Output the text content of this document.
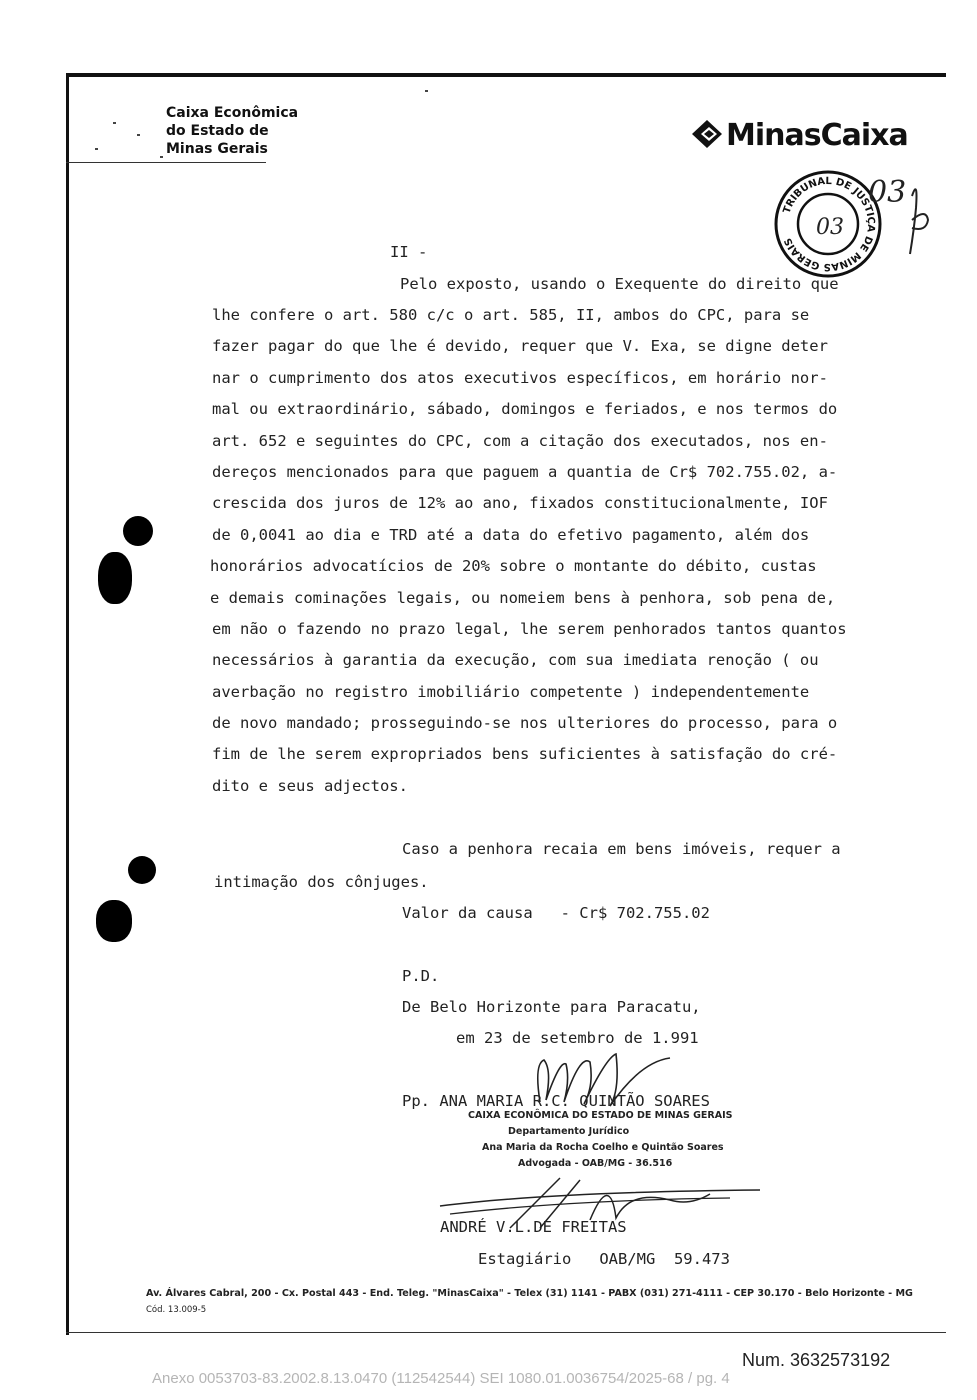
Caixa Econômica
do Estado de
Minas Gerais	MinasCaixa
TRIBUNAL DE JUSTIÇA DE MINAS GERAIS
03
03
II -
Pelo exposto, usando o Exequente do direito que
lhe confere o art. 580 c/c o art. 585, II, ambos do CPC, para se
fazer pagar do que lhe é devido, requer que V. Exa, se digne deter
nar o cumprimento dos atos executivos específicos, em horário nor-
mal ou extraordinário, sábado, domingos e feriados, e nos termos do
art. 652 e seguintes do CPC, com a citação dos executados, nos en-
dereços mencionados para que paguem a quantia de Cr$ 702.755.02, a-
crescida dos juros de 12% ao ano, fixados constitucionalmente, IOF
de 0,0041 ao dia e TRD até a data do efetivo pagamento, além dos
honorários advocatícios de 20% sobre o montante do débito, custas
e demais cominações legais, ou nomeiem bens à penhora, sob pena de,
em não o fazendo no prazo legal, lhe serem penhorados tantos quantos
necessários à garantia da execução, com sua imediata renoção ( ou
averbação no registro imobiliário competente ) independentemente
de novo mandado; prosseguindo-se nos ulteriores do processo, para o
fim de lhe serem expropriados bens suficientes à satisfação do cré-
dito e seus adjectos.
Caso a penhora recaia em bens imóveis, requer a
intimação dos cônjuges.
Valor da causa   - Cr$ 702.755.02
P.D.
De Belo Horizonte para Paracatu,
em 23 de setembro de 1.991
Pp. ANA MARIA R.C. QUINTÃO SOARES
ANDRÉ V.L.DE FREITAS
Estagiário   OAB/MG  59.473
CAIXA ECONÔMICA DO ESTADO DE MINAS GERAIS
Departamento Jurídico
Ana Maria da Rocha Coelho e Quintão Soares
Advogada - OAB/MG - 36.516
Av. Álvares Cabral, 200 - Cx. Postal 443 - End. Teleg. "MinasCaixa" - Telex (31) 1141 - PABX (031) 271-4111 - CEP 30.170 - Belo Horizonte - MG
Cód. 13.009-5
Num. 3632573192
Anexo 0053703-83.2002.8.13.0470 (112542544) SEI 1080.01.0036754/2025-68 / pg. 4
